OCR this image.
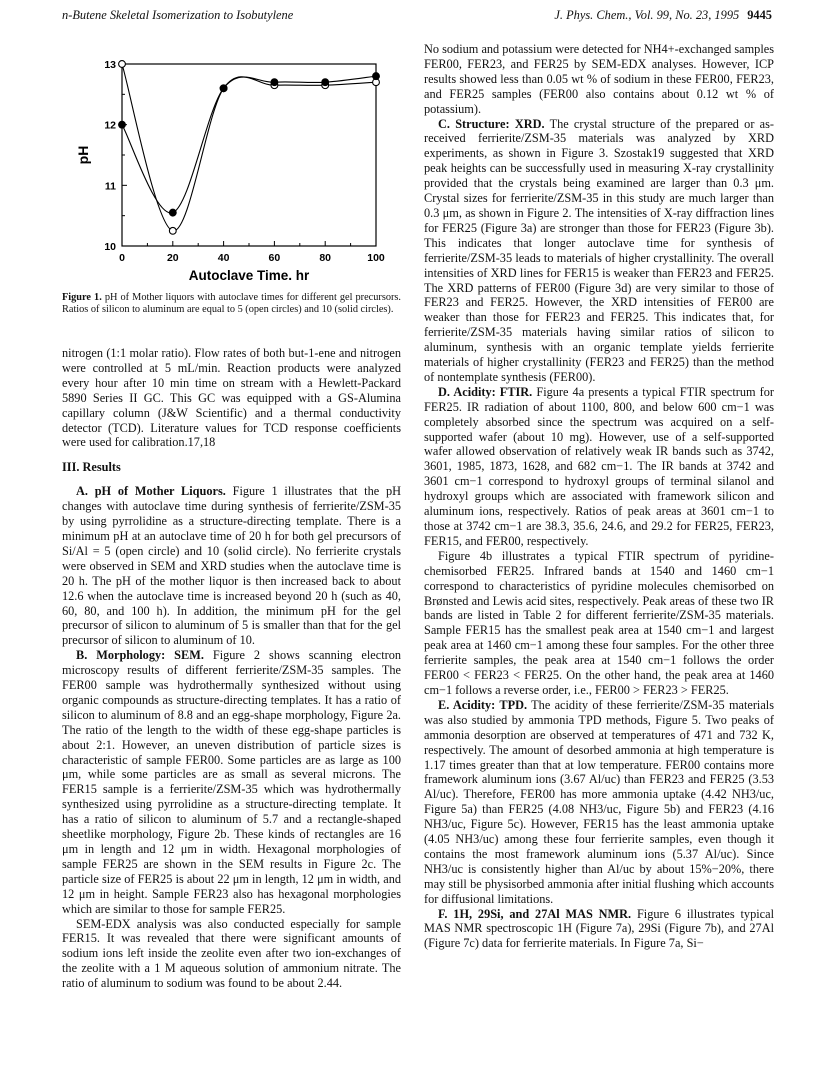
n-Butene Skeletal Isomerization to Isobutylene	J. Phys. Chem., Vol. 99, No. 23, 1995 9445
0	20	40	60	80	100
10
11
12
13
Autoclave Time, hr
pH
Figure 1. pH of Mother liquors with autoclave times for different gel precursors. Ratios of silicon to aluminum are equal to 5 (open circles) and 10 (solid circles).

nitrogen (1:1 molar ratio). Flow rates of both but-1-ene and nitrogen were controlled at 5 mL/min. Reaction products were analyzed every hour after 10 min time on stream with a Hewlett-Packard 5890 Series II GC. This GC was equipped with a GS-Alumina capillary column (J&W Scientific) and a thermal conductivity detector (TCD). Literature values for TCD response coefficients were used for calibration.17,18

III. Results

A. pH of Mother Liquors. Figure 1 illustrates that the pH changes with autoclave time during synthesis of ferrierite/ZSM-35 by using pyrrolidine as a structure-directing template. There is a minimum pH at an autoclave time of 20 h for both gel precursors of Si/Al = 5 (open circle) and 10 (solid circle). No ferrierite crystals were observed in SEM and XRD studies when the autoclave time is 20 h. The pH of the mother liquor is then increased back to about 12.6 when the autoclave time is increased beyond 20 h (such as 40, 60, 80, and 100 h). In addition, the minimum pH for the gel precursor of silicon to aluminum of 5 is smaller than that for the gel precursor of silicon to aluminum of 10.

B. Morphology: SEM. Figure 2 shows scanning electron microscopy results of different ferrierite/ZSM-35 samples. The FER00 sample was hydrothermally synthesized without using organic compounds as structure-directing templates. It has a ratio of silicon to aluminum of 8.8 and an egg-shape morphology, Figure 2a. The ratio of the length to the width of these egg-shape particles is about 2:1. However, an uneven distribution of particle sizes is characteristic of sample FER00. Some particles are as large as 100 μm, while some particles are as small as several microns. The FER15 sample is a ferrierite/ZSM-35 which was hydrothermally synthesized using pyrrolidine as a structure-directing template. It has a ratio of silicon to aluminum of 5.7 and a rectangle-shaped sheetlike morphology, Figure 2b. These kinds of rectangles are 16 μm in length and 12 μm in width. Hexagonal morphologies of sample FER25 are shown in the SEM results in Figure 2c. The particle size of FER25 is about 22 μm in length, 12 μm in width, and 12 μm in height. Sample FER23 also has hexagonal morphologies which are similar to those for sample FER25.

SEM-EDX analysis was also conducted especially for sample FER15. It was revealed that there were significant amounts of sodium ions left inside the zeolite even after two ion-exchanges of the zeolite with a 1 M aqueous solution of ammonium nitrate. The ratio of aluminum to sodium was found to be about 2.44.

No sodium and potassium were detected for NH4+-exchanged samples FER00, FER23, and FER25 by SEM-EDX analyses. However, ICP results showed less than 0.05 wt % of sodium in these FER00, FER23, and FER25 samples (FER00 also contains about 0.12 wt % of potassium).

C. Structure: XRD. The crystal structure of the prepared or as-received ferrierite/ZSM-35 materials was analyzed by XRD experiments, as shown in Figure 3. Szostak19 suggested that XRD peak heights can be successfully used in measuring X-ray crystallinity provided that the crystals being examined are larger than 0.3 μm. Crystal sizes for ferrierite/ZSM-35 in this study are much larger than 0.3 μm, as shown in Figure 2. The intensities of X-ray diffraction lines for FER25 (Figure 3a) are stronger than those for FER23 (Figure 3b). This indicates that longer autoclave time for synthesis of ferrierite/ZSM-35 leads to materials of higher crystallinity. The overall intensities of XRD lines for FER15 is weaker than FER23 and FER25. The XRD patterns of FER00 (Figure 3d) are very similar to those of FER23 and FER25. However, the XRD intensities of FER00 are weaker than those for FER23 and FER25. This indicates that, for ferrierite/ZSM-35 materials having similar ratios of silicon to aluminum, synthesis with an organic template yields ferrierite materials of higher crystallinity (FER23 and FER25) than the method of nontemplate synthesis (FER00).

D. Acidity: FTIR. Figure 4a presents a typical FTIR spectrum for FER25. IR radiation of about 1100, 800, and below 600 cm−1 was completely absorbed since the spectrum was acquired on a self-supported wafer (about 10 mg). However, use of a self-supported wafer allowed observation of relatively weak IR bands such as 3742, 3601, 1985, 1873, 1628, and 682 cm−1. The IR bands at 3742 and 3601 cm−1 correspond to hydroxyl groups of terminal silanol and hydroxyl groups which are associated with framework silicon and aluminum ions, respectively. Ratios of peak areas at 3601 cm−1 to those at 3742 cm−1 are 38.3, 35.6, 24.6, and 29.2 for FER25, FER23, FER15, and FER00, respectively.

Figure 4b illustrates a typical FTIR spectrum of pyridine-chemisorbed FER25. Infrared bands at 1540 and 1460 cm−1 correspond to characteristics of pyridine molecules chemisorbed on Brønsted and Lewis acid sites, respectively. Peak areas of these two IR bands are listed in Table 2 for different ferrierite/ZSM-35 materials. Sample FER15 has the smallest peak area at 1540 cm−1 and largest peak area at 1460 cm−1 among these four samples. For the other three ferrierite samples, the peak area at 1540 cm−1 follows the order FER00 < FER23 < FER25. On the other hand, the peak area at 1460 cm−1 follows a reverse order, i.e., FER00 > FER23 > FER25.

E. Acidity: TPD. The acidity of these ferrierite/ZSM-35 materials was also studied by ammonia TPD methods, Figure 5. Two peaks of ammonia desorption are observed at temperatures of 471 and 732 K, respectively. The amount of desorbed ammonia at high temperature is 1.17 times greater than that at low temperature. FER00 contains more framework aluminum ions (3.67 Al/uc) than FER23 and FER25 (3.53 Al/uc). Therefore, FER00 has more ammonia uptake (4.42 NH3/uc, Figure 5a) than FER25 (4.08 NH3/uc, Figure 5b) and FER23 (4.16 NH3/uc, Figure 5c). However, FER15 has the least ammonia uptake (4.05 NH3/uc) among these four ferrierite samples, even though it contains the most framework aluminum ions (5.37 Al/uc). Since NH3/uc is consistently higher than Al/uc by about 15%−20%, there may still be physisorbed ammonia after initial flushing which accounts for diffusional limitations.

F. 1H, 29Si, and 27Al MAS NMR. Figure 6 illustrates typical MAS NMR spectroscopic 1H (Figure 7a), 29Si (Figure 7b), and 27Al (Figure 7c) data for ferrierite materials. In Figure 7a, Si−
